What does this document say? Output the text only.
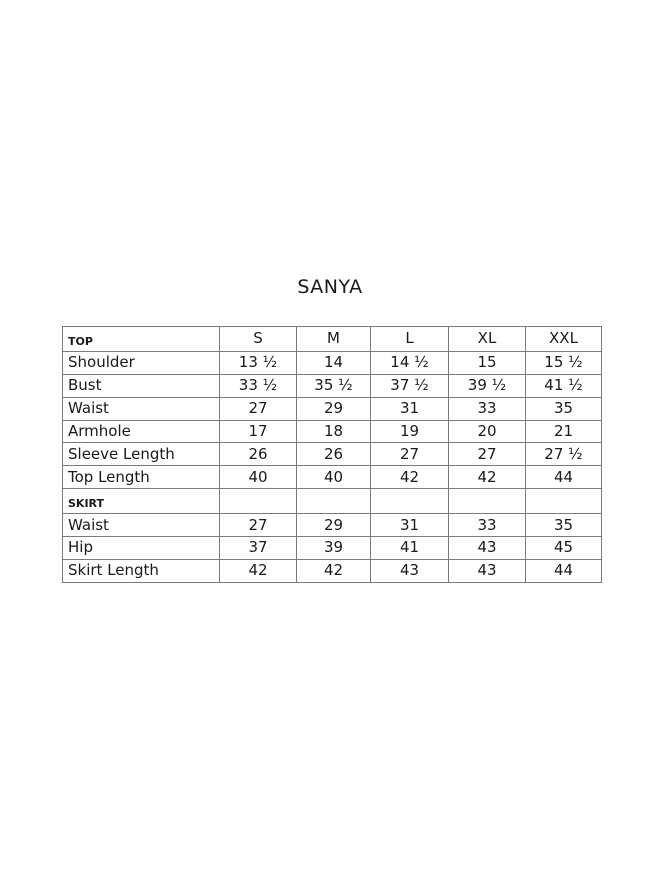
SANYA
TOP	S	M	L	XL	XXL
Shoulder	13 ½	14	14 ½	15	15 ½
Bust	33 ½	35 ½	37 ½	39 ½	41 ½
Waist	27	29	31	33	35
Armhole	17	18	19	20	21
Sleeve Length	26	26	27	27	27 ½
Top Length	40	40	42	42	44
SKIRT					
Waist	27	29	31	33	35
Hip	37	39	41	43	45
Skirt Length	42	42	43	43	44
